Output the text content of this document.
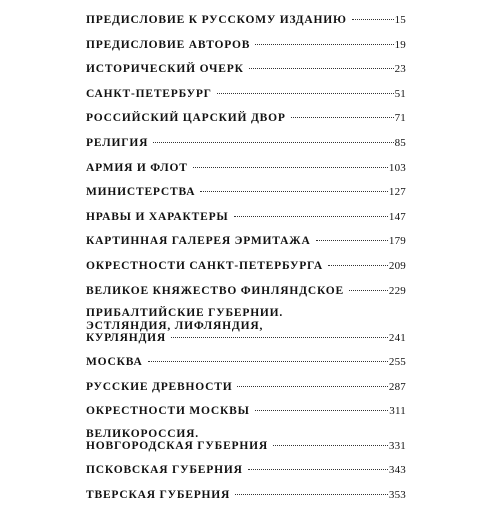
ПРЕДИСЛОВИЕ К РУССКОМУ ИЗДАНИЮ	15
ПРЕДИСЛОВИЕ АВТОРОВ	19
ИСТОРИЧЕСКИЙ ОЧЕРК	23
САНКТ-ПЕТЕРБУРГ	51
РОССИЙСКИЙ ЦАРСКИЙ ДВОР	71
РЕЛИГИЯ	85
АРМИЯ И ФЛОТ	103
МИНИСТЕРСТВА	127
НРАВЫ И ХАРАКТЕРЫ	147
КАРТИННАЯ ГАЛЕРЕЯ ЭРМИТАЖА	179
ОКРЕСТНОСТИ САНКТ-ПЕТЕРБУРГА	209
ВЕЛИКОЕ КНЯЖЕСТВО ФИНЛЯНДСКОЕ	229
ПРИБАЛТИЙСКИЕ ГУБЕРНИИ.
ЭСТЛЯНДИЯ, ЛИФЛЯНДИЯ,
КУРЛЯНДИЯ	241
МОСКВА	255
РУССКИЕ ДРЕВНОСТИ	287
ОКРЕСТНОСТИ МОСКВЫ	311
ВЕЛИКОРОССИЯ.
НОВГОРОДСКАЯ ГУБЕРНИЯ	331
ПСКОВСКАЯ ГУБЕРНИЯ	343
ТВЕРСКАЯ ГУБЕРНИЯ	353
